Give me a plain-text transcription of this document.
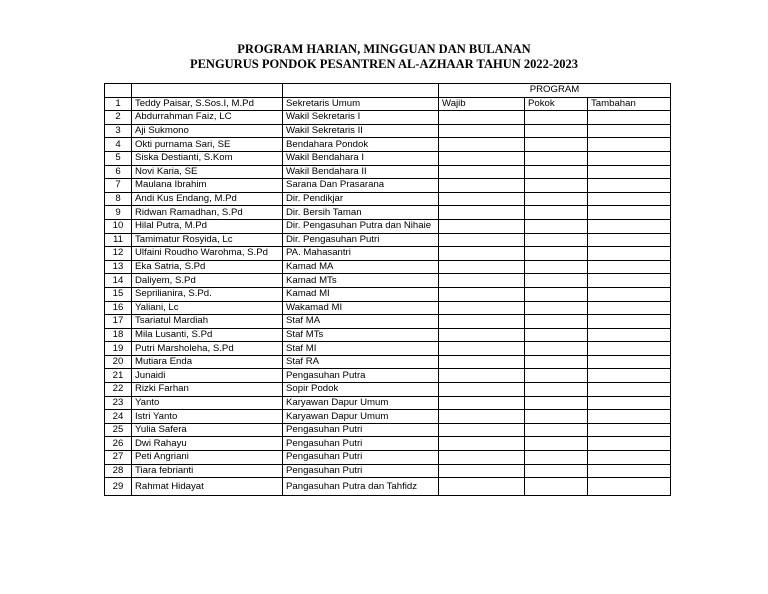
PROGRAM HARIAN, MINGGUAN DAN BULANAN
PENGURUS PONDOK PESANTREN AL-AZHAAR TAHUN 2022-2023
			PROGRAM		
1	Teddy Paisar, S.Sos.I, M.Pd	Sekretaris Umum	Wajib	Pokok	Tambahan
2	Abdurrahman Faiz, LC	Wakil Sekretaris I			
3	Aji Sukmono	Wakil Sekretaris II			
4	Okti purnama Sari, SE	Bendahara Pondok			
5	Siska Destianti, S.Kom	Wakil Bendahara I			
6	Novi Karia, SE	Wakil Bendahara II			
7	Maulana Ibrahim	Sarana Dan Prasarana			
8	Andi Kus Endang, M.Pd	Dir. Pendikjar			
9	Ridwan Ramadhan, S.Pd	Dir. Bersih Taman			
10	Hilal Putra, M.Pd	Dir. Pengasuhan Putra dan Nihaie			
11	Tamimatur Rosyida, Lc	Dir. Pengasuhan Putri			
12	Ulfaini Roudho Warohma, S.Pd	PA. Mahasantri			
13	Eka Satria, S.Pd	Kamad MA			
14	Daliyem, S.Pd	Kamad MTs			
15	Seprilianira, S.Pd.	Kamad MI			
16	Yaliani, Lc	Wakamad MI			
17	Tsariatul Mardiah	Staf MA			
18	Mila Lusanti, S.Pd	Staf MTs			
19	Putri Marsholeha, S.Pd	Staf MI			
20	Mutiara Enda	Staf RA			
21	Junaidi	Pengasuhan Putra			
22	Rizki Farhan	Sopir Podok			
23	Yanto	Karyawan Dapur Umum			
24	Istri Yanto	Karyawan Dapur Umum			
25	Yulia Safera	Pengasuhan Putri			
26	Dwi Rahayu	Pengasuhan Putri			
27	Peti Angriani	Pengasuhan Putri			
28	Tiara febrianti	Pengasuhan Putri			
29	Rahmat Hidayat	Pangasuhan Putra dan Tahfidz			
